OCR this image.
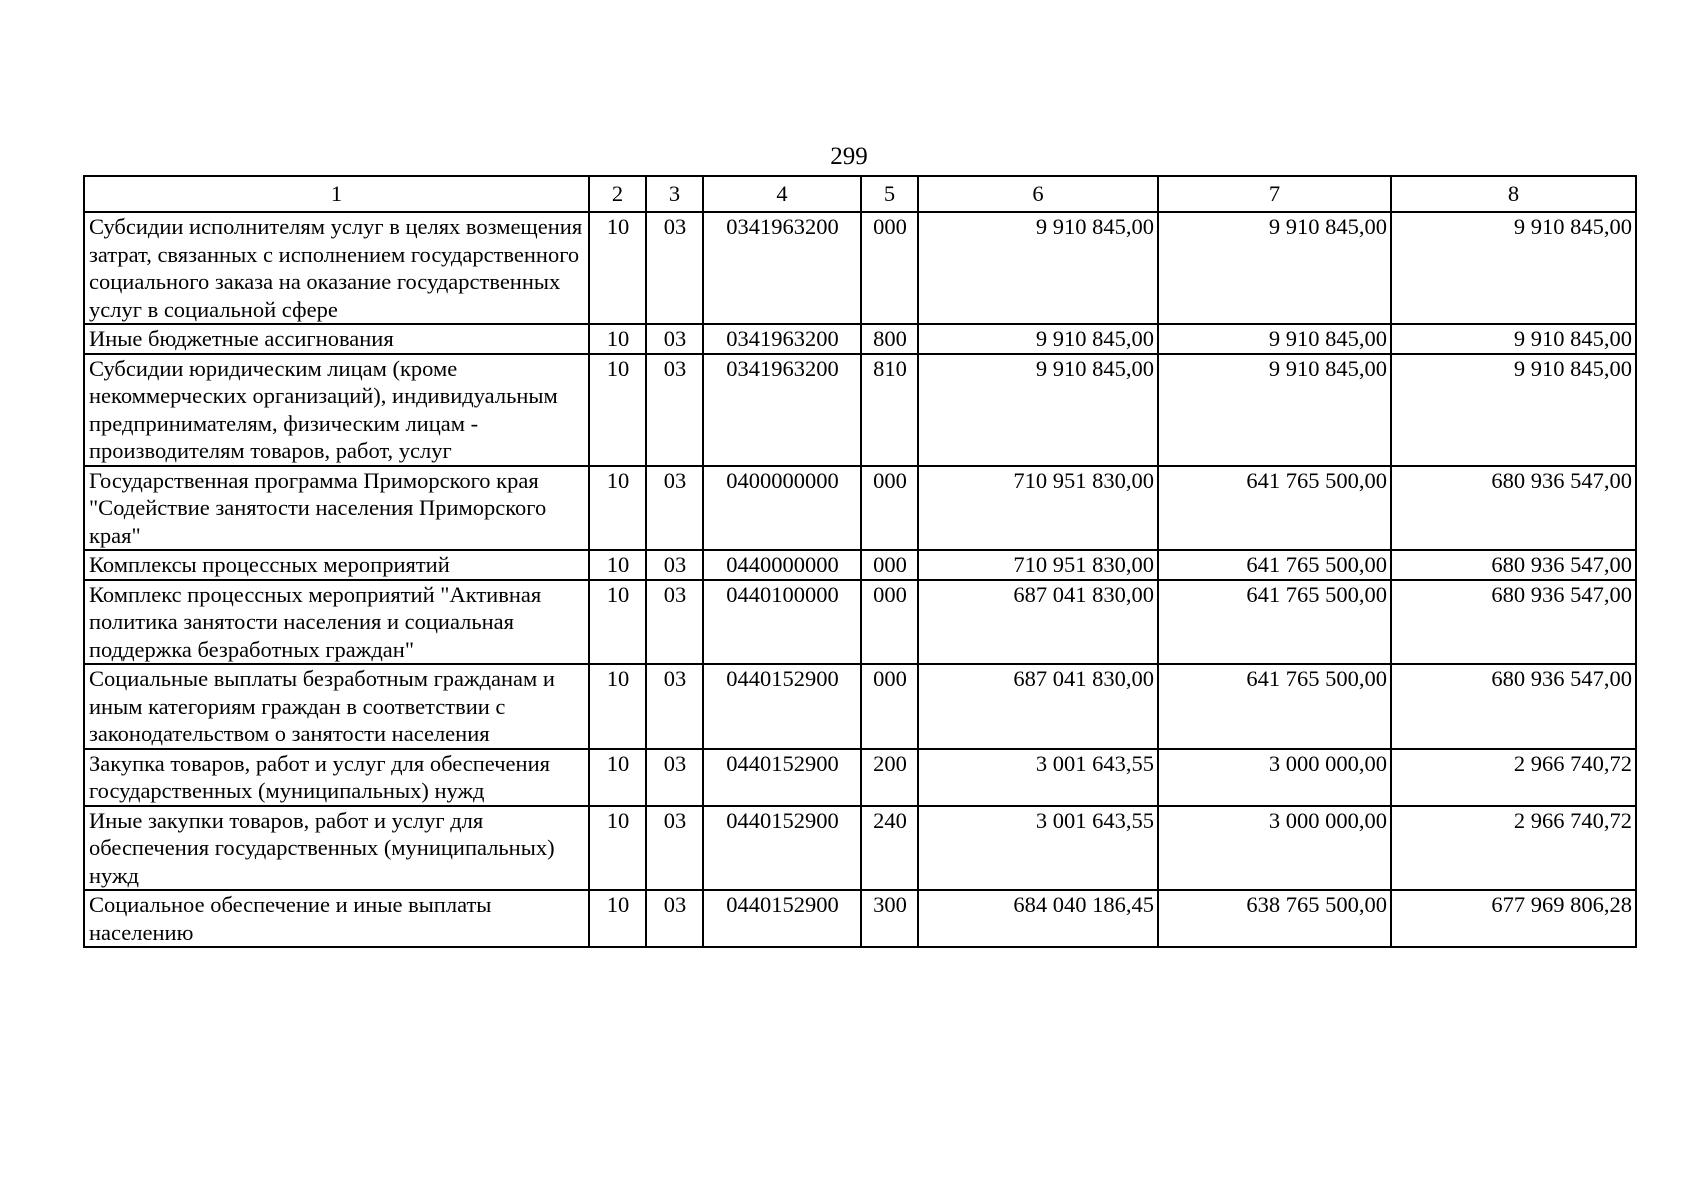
299
1	2	3	4	5	6	7	8
Субсидии исполнителям услуг в целях возмещения затрат, связанных с исполнением государственного социального заказа на оказание государственных услуг в социальной сфере	10	03	0341963200	000	9 910 845,00	9 910 845,00	9 910 845,00
Иные бюджетные ассигнования	10	03	0341963200	800	9 910 845,00	9 910 845,00	9 910 845,00
Субсидии юридическим лицам (кроме некоммерческих организаций), индивидуальным предпринимателям, физическим лицам - производителям товаров, работ, услуг	10	03	0341963200	810	9 910 845,00	9 910 845,00	9 910 845,00
Государственная программа Приморского края "Содействие занятости населения Приморского края"	10	03	0400000000	000	710 951 830,00	641 765 500,00	680 936 547,00
Комплексы процессных мероприятий	10	03	0440000000	000	710 951 830,00	641 765 500,00	680 936 547,00
Комплекс процессных мероприятий "Активная политика занятости населения и социальная поддержка безработных граждан"	10	03	0440100000	000	687 041 830,00	641 765 500,00	680 936 547,00
Социальные выплаты безработным гражданам и иным категориям граждан в соответствии с законодательством о занятости населения	10	03	0440152900	000	687 041 830,00	641 765 500,00	680 936 547,00
Закупка товаров, работ и услуг для обеспечения государственных (муниципальных) нужд	10	03	0440152900	200	3 001 643,55	3 000 000,00	2 966 740,72
Иные закупки товаров, работ и услуг для обеспечения государственных (муниципальных) нужд	10	03	0440152900	240	3 001 643,55	3 000 000,00	2 966 740,72
Социальное обеспечение и иные выплаты населению	10	03	0440152900	300	684 040 186,45	638 765 500,00	677 969 806,28
